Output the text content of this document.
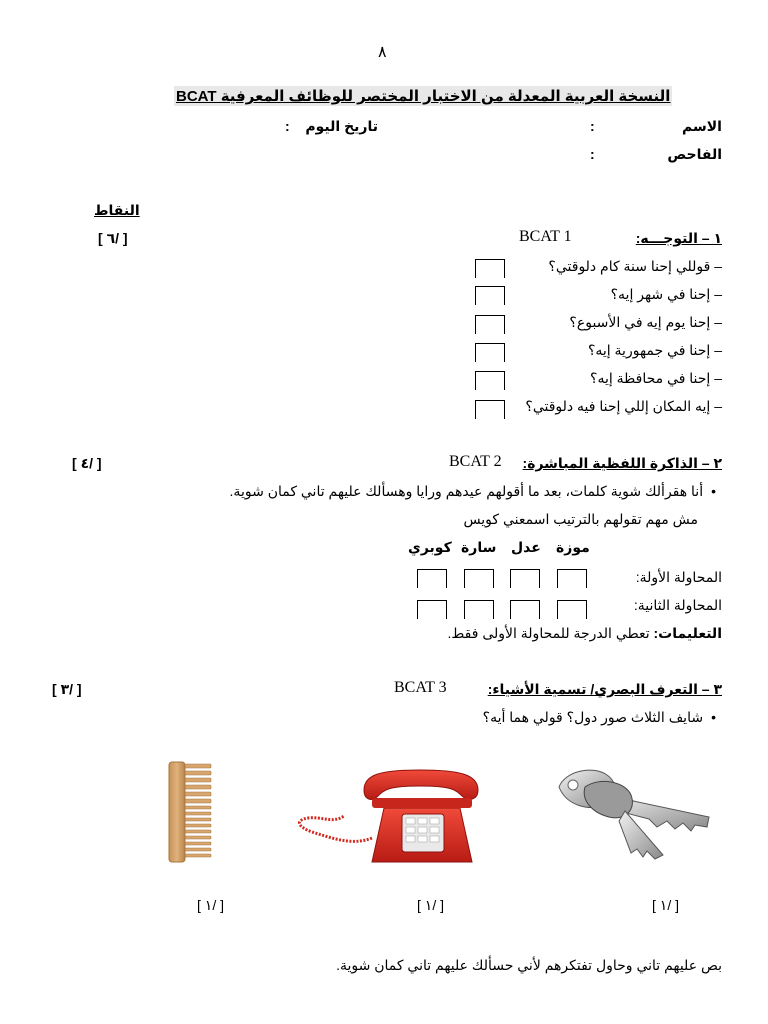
٨
النسخة العربية المعدلة من الاختبار المختصر للوظائف المعرفية BCAT
الاسم
:
تاريخ اليوم
:
الفاحص
:
النقاط
١ – التوجـــه:
BCAT 1
[ ٦/ ]
– قوللي إحنا سنة كام دلوقتي؟
– إحنا في شهر إيه؟
– إحنا يوم إيه في الأسبوع؟
– إحنا في جمهورية إيه؟
– إحنا في محافظة إيه؟
– إيه المكان إللي إحنا فيه دلوقتي؟
٢ – الذاكرة اللفظية المباشرة:
BCAT 2
[ ٤/ ]
• أنا هقرألك شوية كلمات، بعد ما أقولهم عيدهم ورايا وهسألك عليهم تاني كمان شوية.
مش مهم تقولهم بالترتيب اسمعني كويس
موزة
عدل
سارة
كوبري
المحاولة الأولة:
المحاولة الثانية:
التعليمات: تعطي الدرجة للمحاولة الأولى فقط.
٣ – التعرف البصري/ تسمية الأشياء:
BCAT 3
[ ٣/ ]
• شايف الثلاث صور دول؟ قولي هما أيه؟
[ ١/ ]	[ ١/ ]	[ ١/ ]
بص عليهم تاني وحاول تفتكرهم لأني حسألك عليهم تاني كمان شوية.
